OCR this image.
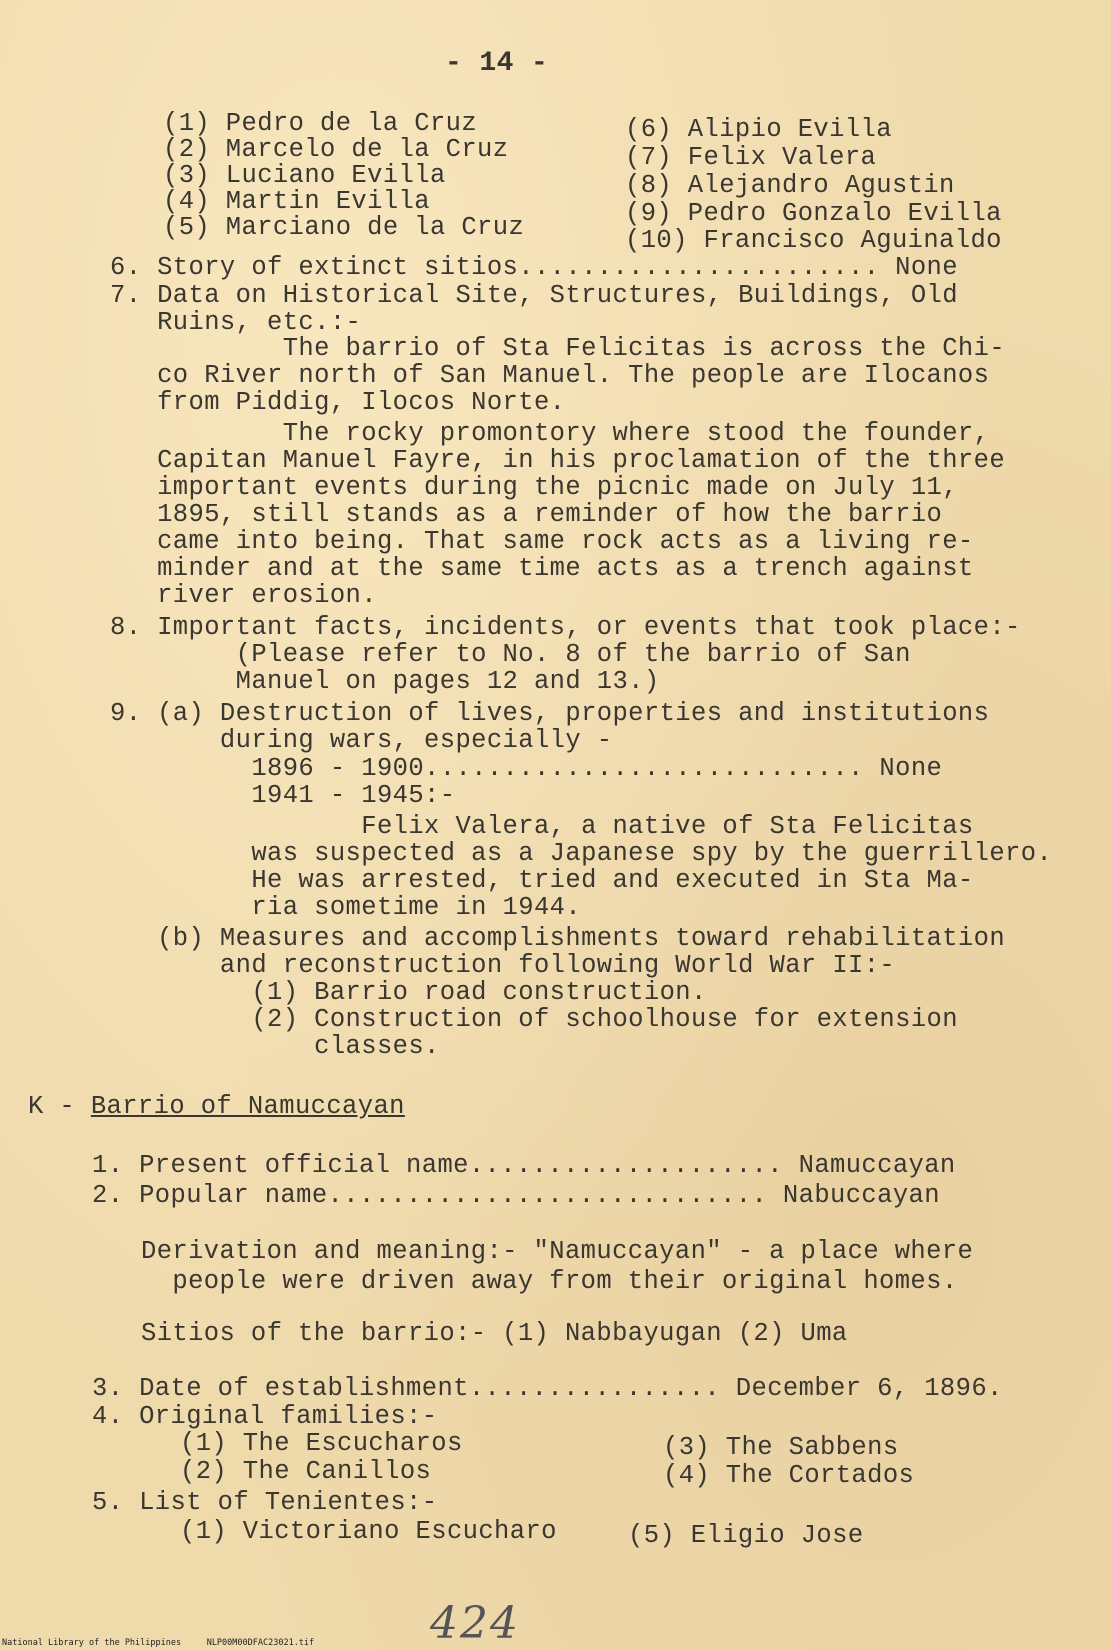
- 14 -
(1) Pedro de la Cruz
(2) Marcelo de la Cruz
(3) Luciano Evilla
(4) Martin Evilla
(5) Marciano de la Cruz
(6) Alipio Evilla
(7) Felix Valera
(8) Alejandro Agustin
(9) Pedro Gonzalo Evilla
(10) Francisco Aguinaldo
6. Story of extinct sitios....................... None
7. Data on Historical Site, Structures, Buildings, Old
Ruins, etc.:-
The barrio of Sta Felicitas is across the Chi-
co River north of San Manuel. The people are Ilocanos
from Piddig, Ilocos Norte.
The rocky promontory where stood the founder,
Capitan Manuel Fayre, in his proclamation of the three
important events during the picnic made on July 11,
1895, still stands as a reminder of how the barrio
came into being. That same rock acts as a living re-
minder and at the same time acts as a trench against
river erosion.
8. Important facts, incidents, or events that took place:-
(Please refer to No. 8 of the barrio of San
Manuel on pages 12 and 13.)
9. (a) Destruction of lives, properties and institutions
during wars, especially -
1896 - 1900............................ None
1941 - 1945:-
Felix Valera, a native of Sta Felicitas
was suspected as a Japanese spy by the guerrillero.
He was arrested, tried and executed in Sta Ma-
ria sometime in 1944.
(b) Measures and accomplishments toward rehabilitation
and reconstruction following World War II:-
(1) Barrio road construction.
(2) Construction of schoolhouse for extension
classes.
K - Barrio of Namuccayan
1. Present official name.................... Namuccayan
2. Popular name............................ Nabuccayan
Derivation and meaning:- "Namuccayan" - a place where
people were driven away from their original homes.
Sitios of the barrio:- (1) Nabbayugan (2) Uma
3. Date of establishment................ December 6, 1896.
4. Original families:-
(1) The Escucharos	(3) The Sabbens
(2) The Canillos	(4) The Cortados
5. List of Tenientes:-
(1) Victoriano Escucharo	(5) Eligio Jose
424
National Library of the Philippines     NLP00M00DFAC23021.tif
